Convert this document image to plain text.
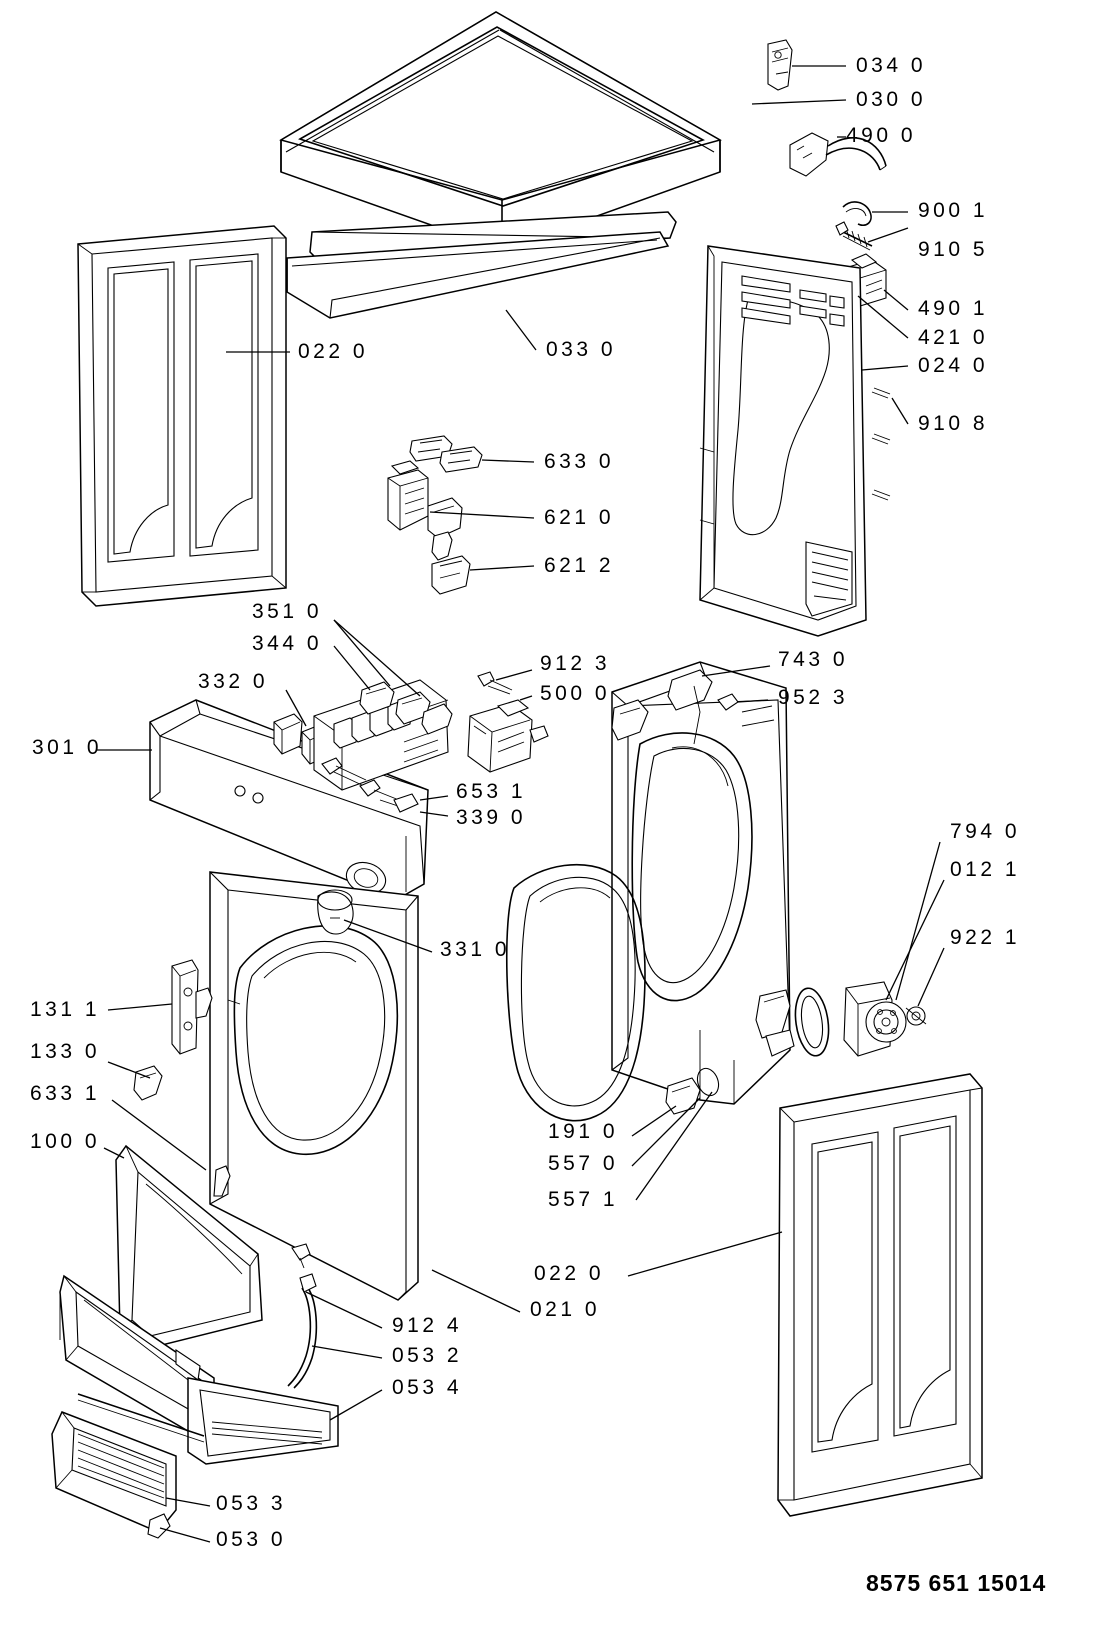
034 0
030 0
490 0
900 1
910 5
490 1
421 0
024 0
910 8
022 0	033 0
633 0
621 0
621 2
351 0
344 0
332 0
912 3
500 0
743 0
952 3
301 0
653 1
339 0
331 0
794 0
012 1
922 1
131 1
133 0
633 1
100 0	191 0
557 0
557 1
022 0
912 4
053 2
021 0
053 4
053 3
053 0
8575 651 15014
